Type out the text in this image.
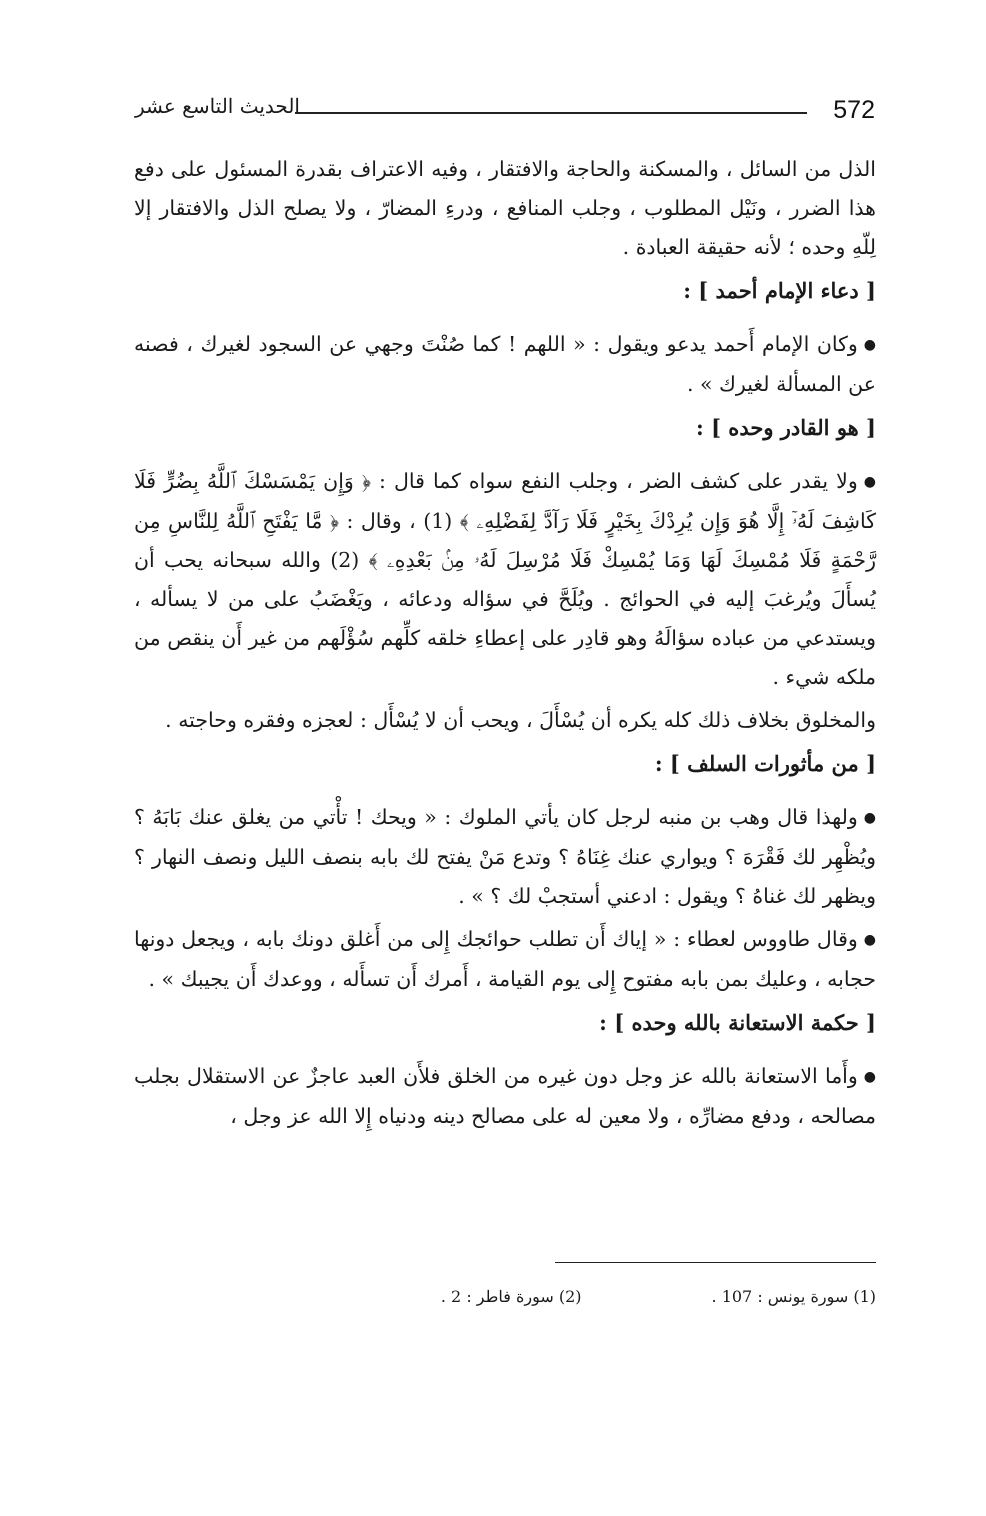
572
الحديث التاسع عشر

الذل من السائل ، والمسكنة والحاجة والافتقار ، وفيه الاعتراف بقدرة المسئول على دفع هذا الضرر ، ونَيْل المطلوب ، وجلب المنافع ، ودرءِ المضارّ ، ولا يصلح الذل والافتقار إلا لِلّهِ وحده ؛ لأنه حقيقة العبادة .

[ دعاء الإمام أحمد ] :

●وكان الإمام أَحمد يدعو ويقول : « اللهم ! كما صُنْتَ وجهي عن السجود لغيرك ، فصنه عن المسألة لغيرك » .

[ هو القادر وحده ] :

●ولا يقدر على كشف الضر ، وجلب النفع سواه كما قال : ﴿ وَإِن يَمْسَسْكَ ٱللَّهُ بِضُرٍّ فَلَا كَاشِفَ لَهُۥٓ إِلَّا هُوَ وَإِن يُرِدْكَ بِخَيْرٍ فَلَا رَآدَّ لِفَضْلِهِۦ ﴾ (1) ، وقال : ﴿ مَّا يَفْتَحِ ٱللَّهُ لِلنَّاسِ مِن رَّحْمَةٍ فَلَا مُمْسِكَ لَهَا وَمَا يُمْسِكْ فَلَا مُرْسِلَ لَهُۥ مِنۢ بَعْدِهِۦ ﴾ (2) والله سبحانه يحب أن يُسأَلَ ويُرغبَ إليه في الحوائج . ويُلَحَّ في سؤاله ودعائه ، ويَغْضَبُ على من لا يسأله ، ويستدعي من عباده سؤالَهُ وهو قادِر على إعطاءِ خلقه كلِّهم سُؤْلَهم من غير أَن ينقص من ملكه شيء .

والمخلوق بخلاف ذلك كله يكره أن يُسْأَلَ ، ويحب أن لا يُسْأَل : لعجزه وفقره وحاجته .

[ من مأثورات السلف ] :

●ولهذا قال وهب بن منبه لرجل كان يأتي الملوك : « ويحك ! تأْتي من يغلق عنك بَابَهُ ؟ ويُظْهِر لك فَقْرَهَ ؟ ويواري عنك غِنَاهُ ؟ وتدع مَنْ يفتح لك بابه بنصف الليل ونصف النهار ؟ ويظهر لك غناهُ ؟ ويقول : ادعني أستجبْ لك ؟ » .

●وقال طاووس لعطاء : « إياك أَن تطلب حوائجك إِلى من أَغلق دونك بابه ، ويجعل دونها حجابه ، وعليك بمن بابه مفتوح إِلى يوم القيامة ، أَمرك أَن تسأَله ، ووعدك أَن يجيبك » .

[ حكمة الاستعانة بالله وحده ] :

●وأَما الاستعانة بالله عز وجل دون غيره من الخلق فلأَن العبد عاجزٌ عن الاستقلال بجلب مصالحه ، ودفع مضارِّه ، ولا معين له على مصالح دينه ودنياه إِلا الله عز وجل ،

(1) سورة يونس : 107 .
(2) سورة فاطر : 2 .
